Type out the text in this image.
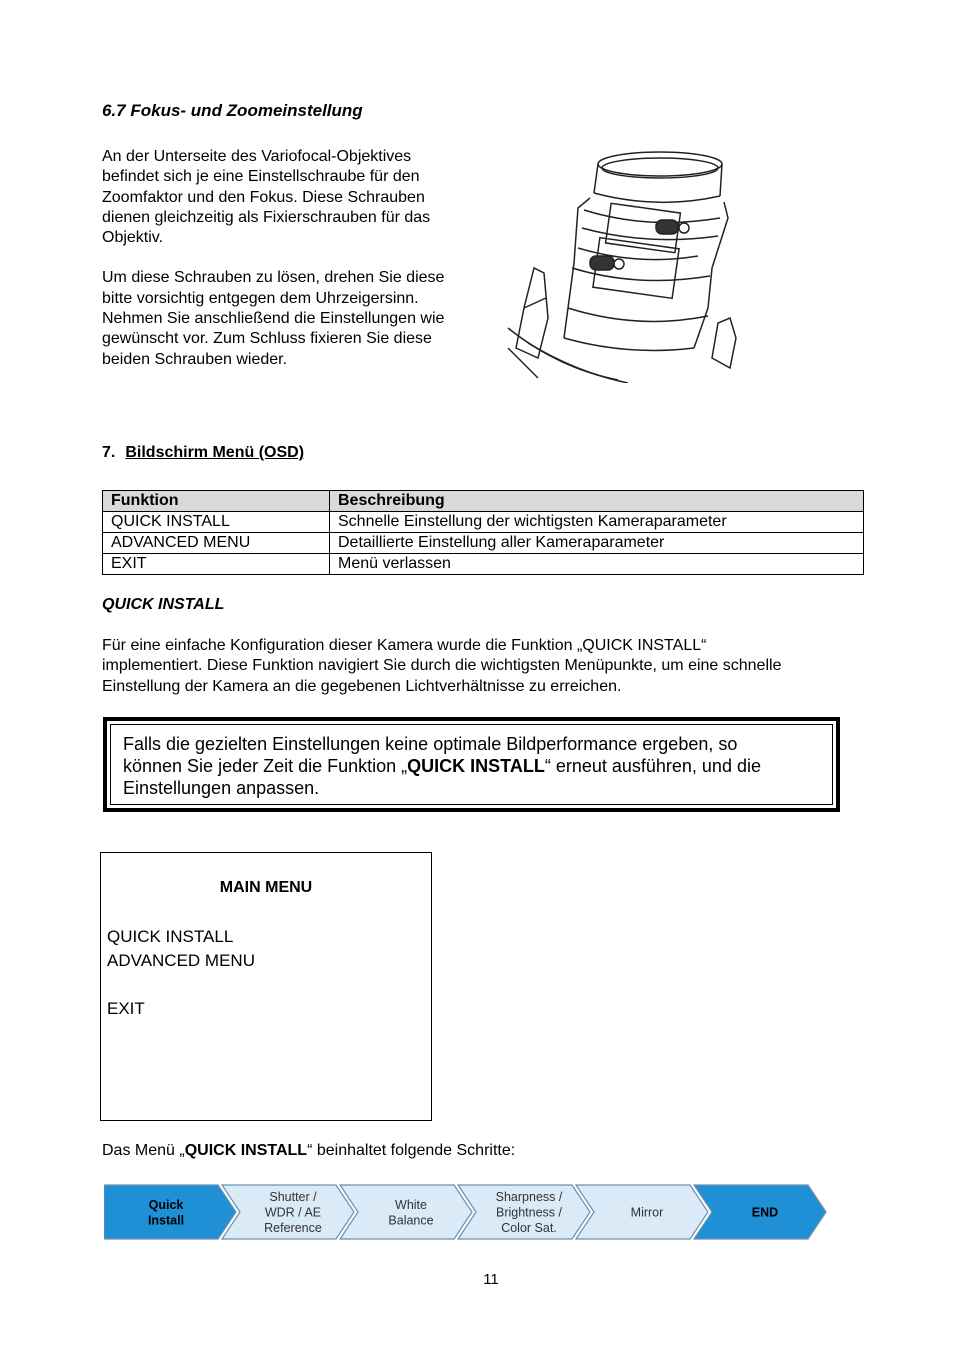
6.7 Fokus- und Zoomeinstellung
An der Unterseite des Variofocal-Objektives
befindet sich je eine Einstellschraube für den
Zoomfaktor und den Fokus. Diese Schrauben
dienen gleichzeitig als Fixierschrauben für das
Objektiv.
Um diese Schrauben zu lösen, drehen Sie diese
bitte vorsichtig entgegen dem Uhrzeigersinn.
Nehmen Sie anschließend die Einstellungen wie
gewünscht vor. Zum Schluss fixieren Sie diese
beiden Schrauben wieder.
7. Bildschirm Menü (OSD)
Funktion	Beschreibung
QUICK INSTALL	Schnelle Einstellung der wichtigsten Kameraparameter
ADVANCED MENU	Detaillierte Einstellung aller Kameraparameter
EXIT	Menü verlassen
QUICK INSTALL
Für eine einfache Konfiguration dieser Kamera wurde die Funktion „QUICK INSTALL“
implementiert. Diese Funktion navigiert Sie durch die wichtigsten Menüpunkte, um eine schnelle
Einstellung der Kamera an die gegebenen Lichtverhältnisse zu erreichen.
Falls die gezielten Einstellungen keine optimale Bildperformance ergeben, so
können Sie jeder Zeit die Funktion „QUICK INSTALL“ erneut ausführen, und die
Einstellungen anpassen.
MAIN MENU
QUICK INSTALL
ADVANCED MENU
EXIT
Das Menü „QUICK INSTALL“ beinhaltet folgende Schritte:
Quick
Install
Shutter /
WDR / AE
Reference
White
Balance
Sharpness /
Brightness /
Color Sat.
Mirror	END
11
